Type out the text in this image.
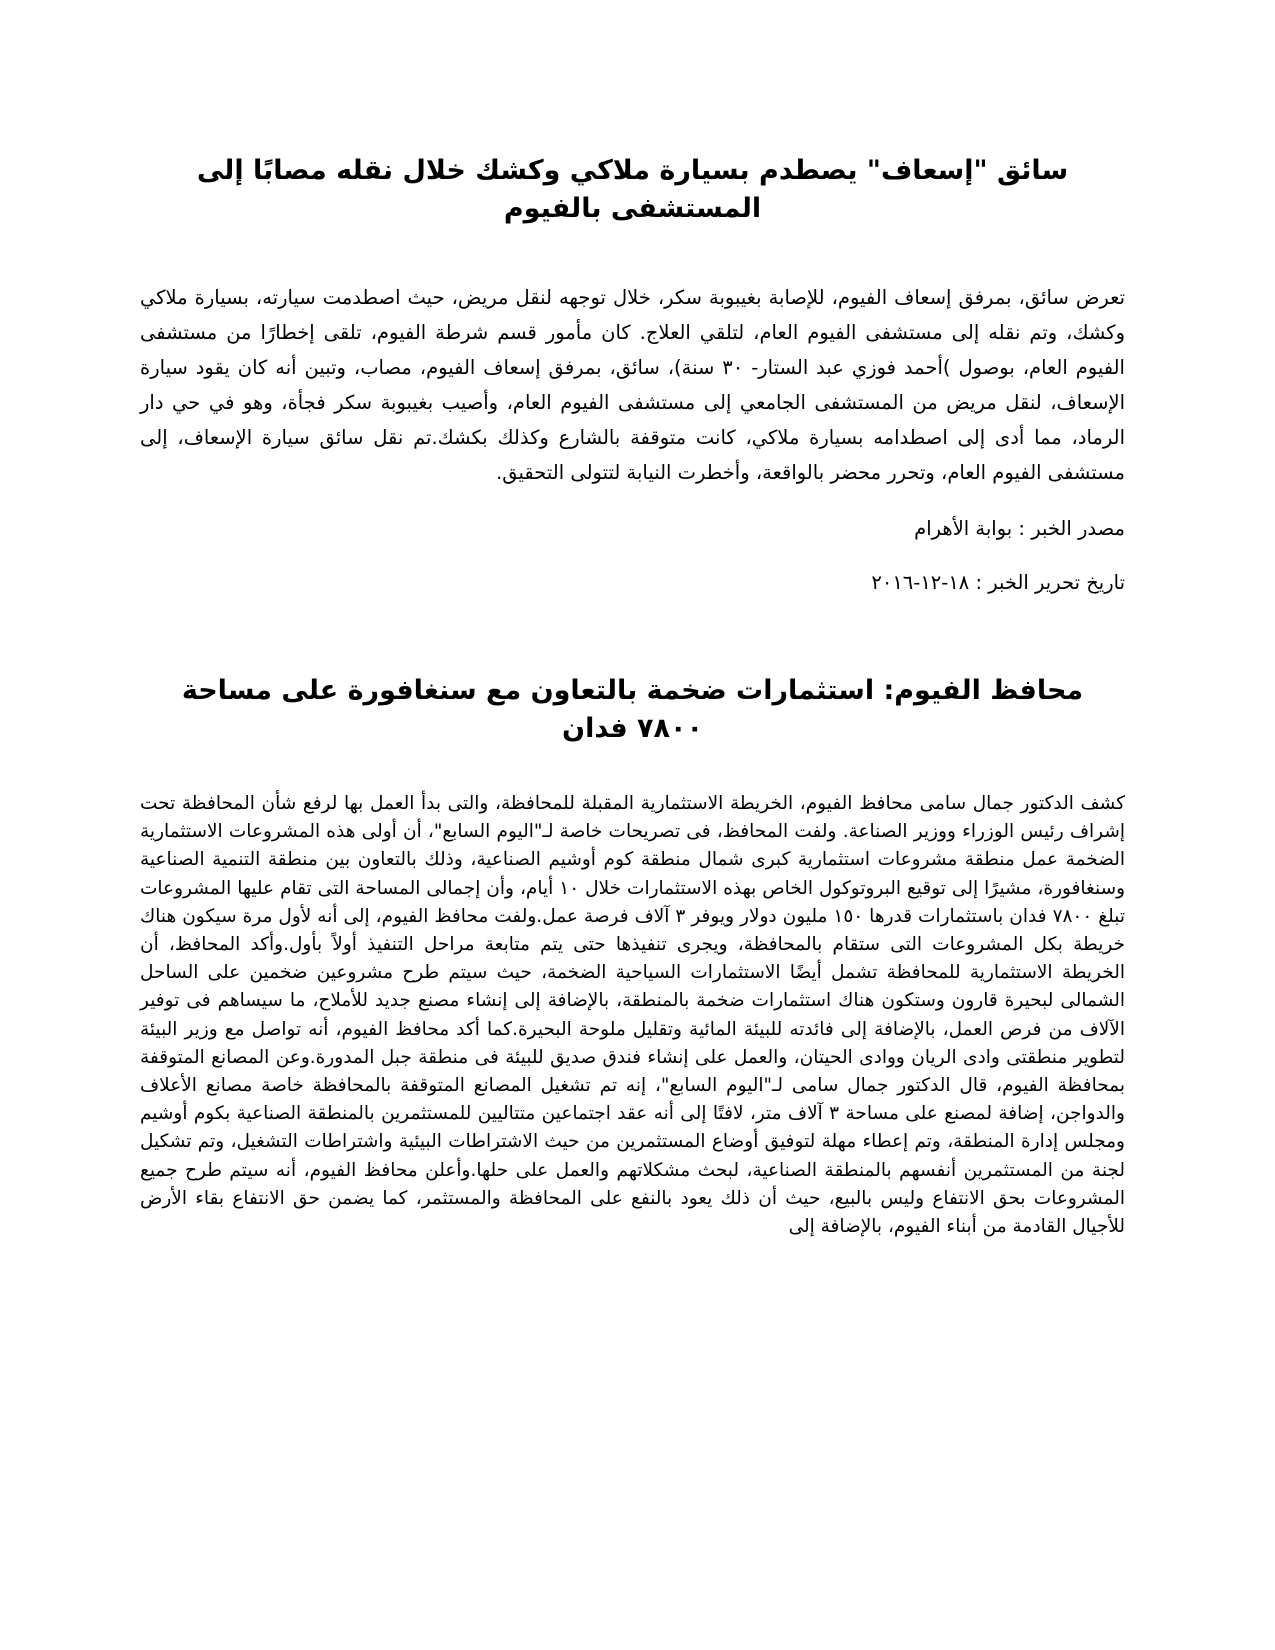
سائق "إسعاف" يصطدم بسيارة ملاكي وكشك خلال نقله مصابًا إلى المستشفى بالفيوم

تعرض سائق، بمرفق إسعاف الفيوم، للإصابة بغيبوبة سكر، خلال توجهه لنقل مريض، حيث اصطدمت سيارته، بسيارة ملاكي وكشك، وتم نقله إلى مستشفى الفيوم العام، لتلقي العلاج. كان مأمور قسم شرطة الفيوم، تلقى إخطارًا من مستشفى الفيوم العام، بوصول )أحمد فوزي عبد الستار- ٣٠ سنة)، سائق، بمرفق إسعاف الفيوم، مصاب، وتبين أنه كان يقود سيارة الإسعاف، لنقل مريض من المستشفى الجامعي إلى مستشفى الفيوم العام، وأصيب بغيبوبة سكر فجأة، وهو في حي دار الرماد، مما أدى إلى اصطدامه بسيارة ملاكي، كانت متوقفة بالشارع وكذلك بكشك.تم نقل سائق سيارة الإسعاف، إلى مستشفى الفيوم العام، وتحرر محضر بالواقعة، وأخطرت النيابة لتتولى التحقيق.

مصدر الخبر : بوابة الأهرام

تاريخ تحرير الخبر : ١٨-١٢-٢٠١٦

محافظ الفيوم: استثمارات ضخمة بالتعاون مع سنغافورة على مساحة ٧٨٠٠ فدان

كشف الدكتور جمال سامى محافظ الفيوم، الخريطة الاستثمارية المقبلة للمحافظة، والتى بدأ العمل بها لرفع شأن المحافظة تحت إشراف رئيس الوزراء ووزير الصناعة. ولفت المحافظ، فى تصريحات خاصة لـ"اليوم السابع"، أن أولى هذه المشروعات الاستثمارية الضخمة عمل منطقة مشروعات استثمارية كبرى شمال منطقة كوم أوشيم الصناعية، وذلك بالتعاون بين منطقة التنمية الصناعية وسنغافورة، مشيرًا إلى توقيع البروتوكول الخاص بهذه الاستثمارات خلال ١٠ أيام، وأن إجمالى المساحة التى تقام عليها المشروعات تبلغ ٧٨٠٠ فدان باستثمارات قدرها ١٥٠ مليون دولار ويوفر ٣ آلاف فرصة عمل.ولفت محافظ الفيوم، إلى أنه لأول مرة سيكون هناك خريطة بكل المشروعات التى ستقام بالمحافظة، ويجرى تنفيذها حتى يتم متابعة مراحل التنفيذ أولاً بأول.وأكد المحافظ، أن الخريطة الاستثمارية للمحافظة تشمل أيضًا الاستثمارات السياحية الضخمة، حيث سيتم طرح مشروعين ضخمين على الساحل الشمالى لبحيرة قارون وستكون هناك استثمارات ضخمة بالمنطقة، بالإضافة إلى إنشاء مصنع جديد للأملاح، ما سيساهم فى توفير الآلاف من فرص العمل، بالإضافة إلى فائدته للبيئة المائية وتقليل ملوحة البحيرة.كما أكد محافظ الفيوم، أنه تواصل مع وزير البيئة لتطوير منطقتى وادى الريان ووادى الحيتان، والعمل على إنشاء فندق صديق للبيئة فى منطقة جبل المدورة.وعن المصانع المتوقفة بمحافظة الفيوم، قال الدكتور جمال سامى لـ"اليوم السابع"، إنه تم تشغيل المصانع المتوقفة بالمحافظة خاصة مصانع الأعلاف والدواجن، إضافة لمصنع على مساحة ٣ آلاف متر، لافتًا إلى أنه عقد اجتماعين متتاليين للمستثمرين بالمنطقة الصناعية بكوم أوشيم ومجلس إدارة المنطقة، وتم إعطاء مهلة لتوفيق أوضاع المستثمرين من حيث الاشتراطات البيئية واشتراطات التشغيل، وتم تشكيل لجنة من المستثمرين أنفسهم بالمنطقة الصناعية، لبحث مشكلاتهم والعمل على حلها.وأعلن محافظ الفيوم، أنه سيتم طرح جميع المشروعات بحق الانتفاع وليس بالبيع، حيث أن ذلك يعود بالنفع على المحافظة والمستثمر، كما يضمن حق الانتفاع بقاء الأرض للأجيال القادمة من أبناء الفيوم، بالإضافة إلى
